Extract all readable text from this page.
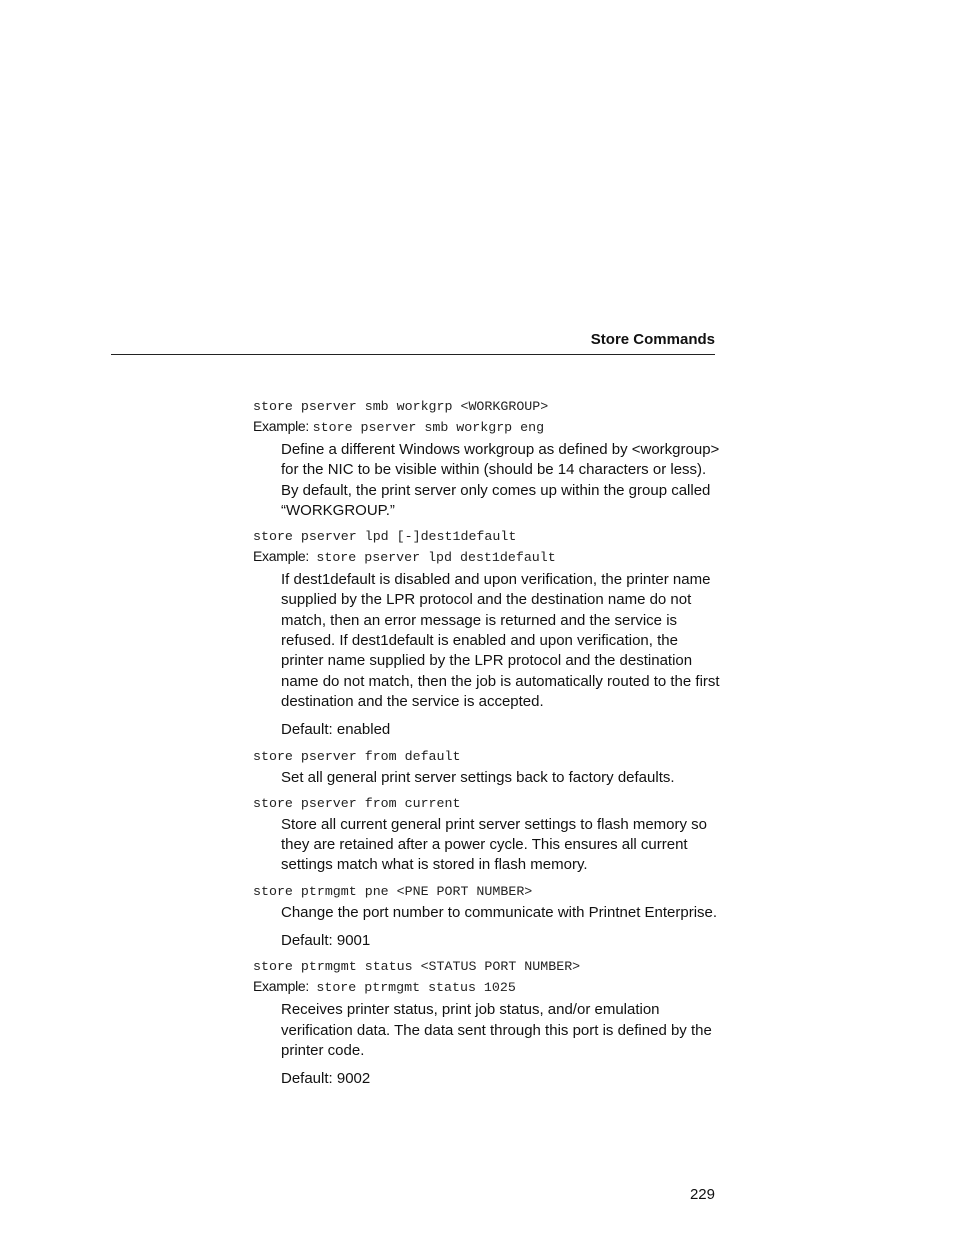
Store Commands
store pserver smb workgrp <WORKGROUP>
Example: store pserver smb workgrp eng
Define a different Windows workgroup as defined by <workgroup> for the NIC to be visible within (should be 14 characters or less). By default, the print server only comes up within the group called “WORKGROUP.”
store pserver lpd [-]dest1default
Example: store pserver lpd dest1default
If dest1default is disabled and upon verification, the printer name supplied by the LPR protocol and the destination name do not match, then an error message is returned and the service is refused. If dest1default is enabled and upon verification, the printer name supplied by the LPR protocol and the destination name do not match, then the job is automatically routed to the first destination and the service is accepted.
Default: enabled
store pserver from default
Set all general print server settings back to factory defaults.
store pserver from current
Store all current general print server settings to flash memory so they are retained after a power cycle. This ensures all current settings match what is stored in flash memory.
store ptrmgmt pne <PNE PORT NUMBER>
Change the port number to communicate with Printnet Enterprise.
Default: 9001
store ptrmgmt status <STATUS PORT NUMBER>
Example: store ptrmgmt status 1025
Receives printer status, print job status, and/or emulation verification data. The data sent through this port is defined by the printer code.
Default: 9002
229
